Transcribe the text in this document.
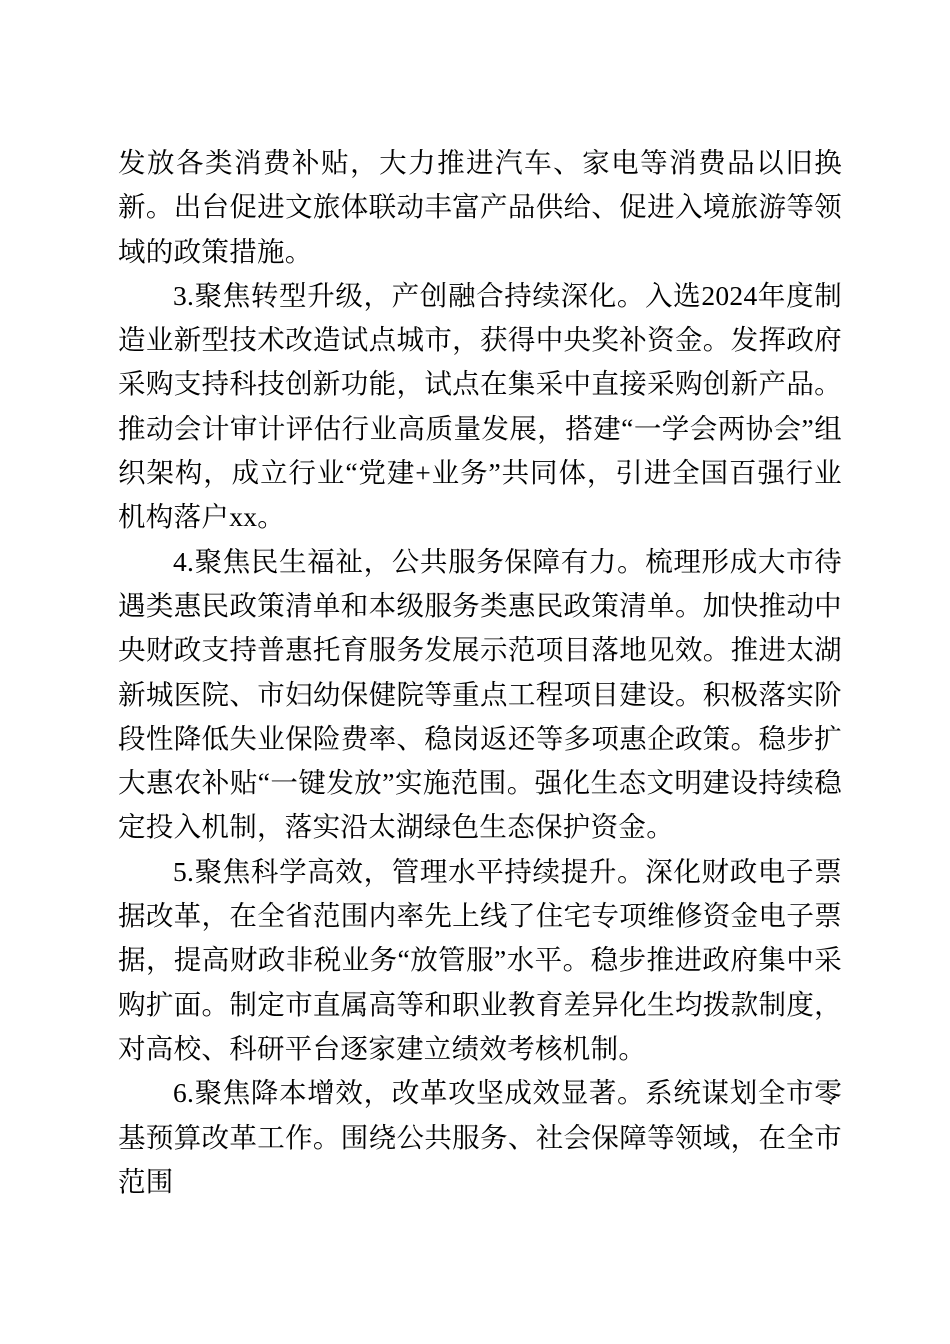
发放各类消费补贴，大力推进汽车、家电等消费品以旧换新。出台促进文旅体联动丰富产品供给、促进入境旅游等领域的政策措施。

3.聚焦转型升级，产创融合持续深化。入选2024年度制造业新型技术改造试点城市，获得中央奖补资金。发挥政府采购支持科技创新功能，试点在集采中直接采购创新产品。推动会计审计评估行业高质量发展，搭建“一学会两协会”组织架构，成立行业“党建+业务”共同体，引进全国百强行业机构落户xx。

4.聚焦民生福祉，公共服务保障有力。梳理形成大市待遇类惠民政策清单和本级服务类惠民政策清单。加快推动中央财政支持普惠托育服务发展示范项目落地见效。推进太湖新城医院、市妇幼保健院等重点工程项目建设。积极落实阶段性降低失业保险费率、稳岗返还等多项惠企政策。稳步扩大惠农补贴“一键发放”实施范围。强化生态文明建设持续稳定投入机制，落实沿太湖绿色生态保护资金。

5.聚焦科学高效，管理水平持续提升。深化财政电子票据改革，在全省范围内率先上线了住宅专项维修资金电子票据，提高财政非税业务“放管服”水平。稳步推进政府集中采购扩面。制定市直属高等和职业教育差异化生均拨款制度，对高校、科研平台逐家建立绩效考核机制。

6.聚焦降本增效，改革攻坚成效显著。系统谋划全市零基预算改革工作。围绕公共服务、社会保障等领域，在全市范围
